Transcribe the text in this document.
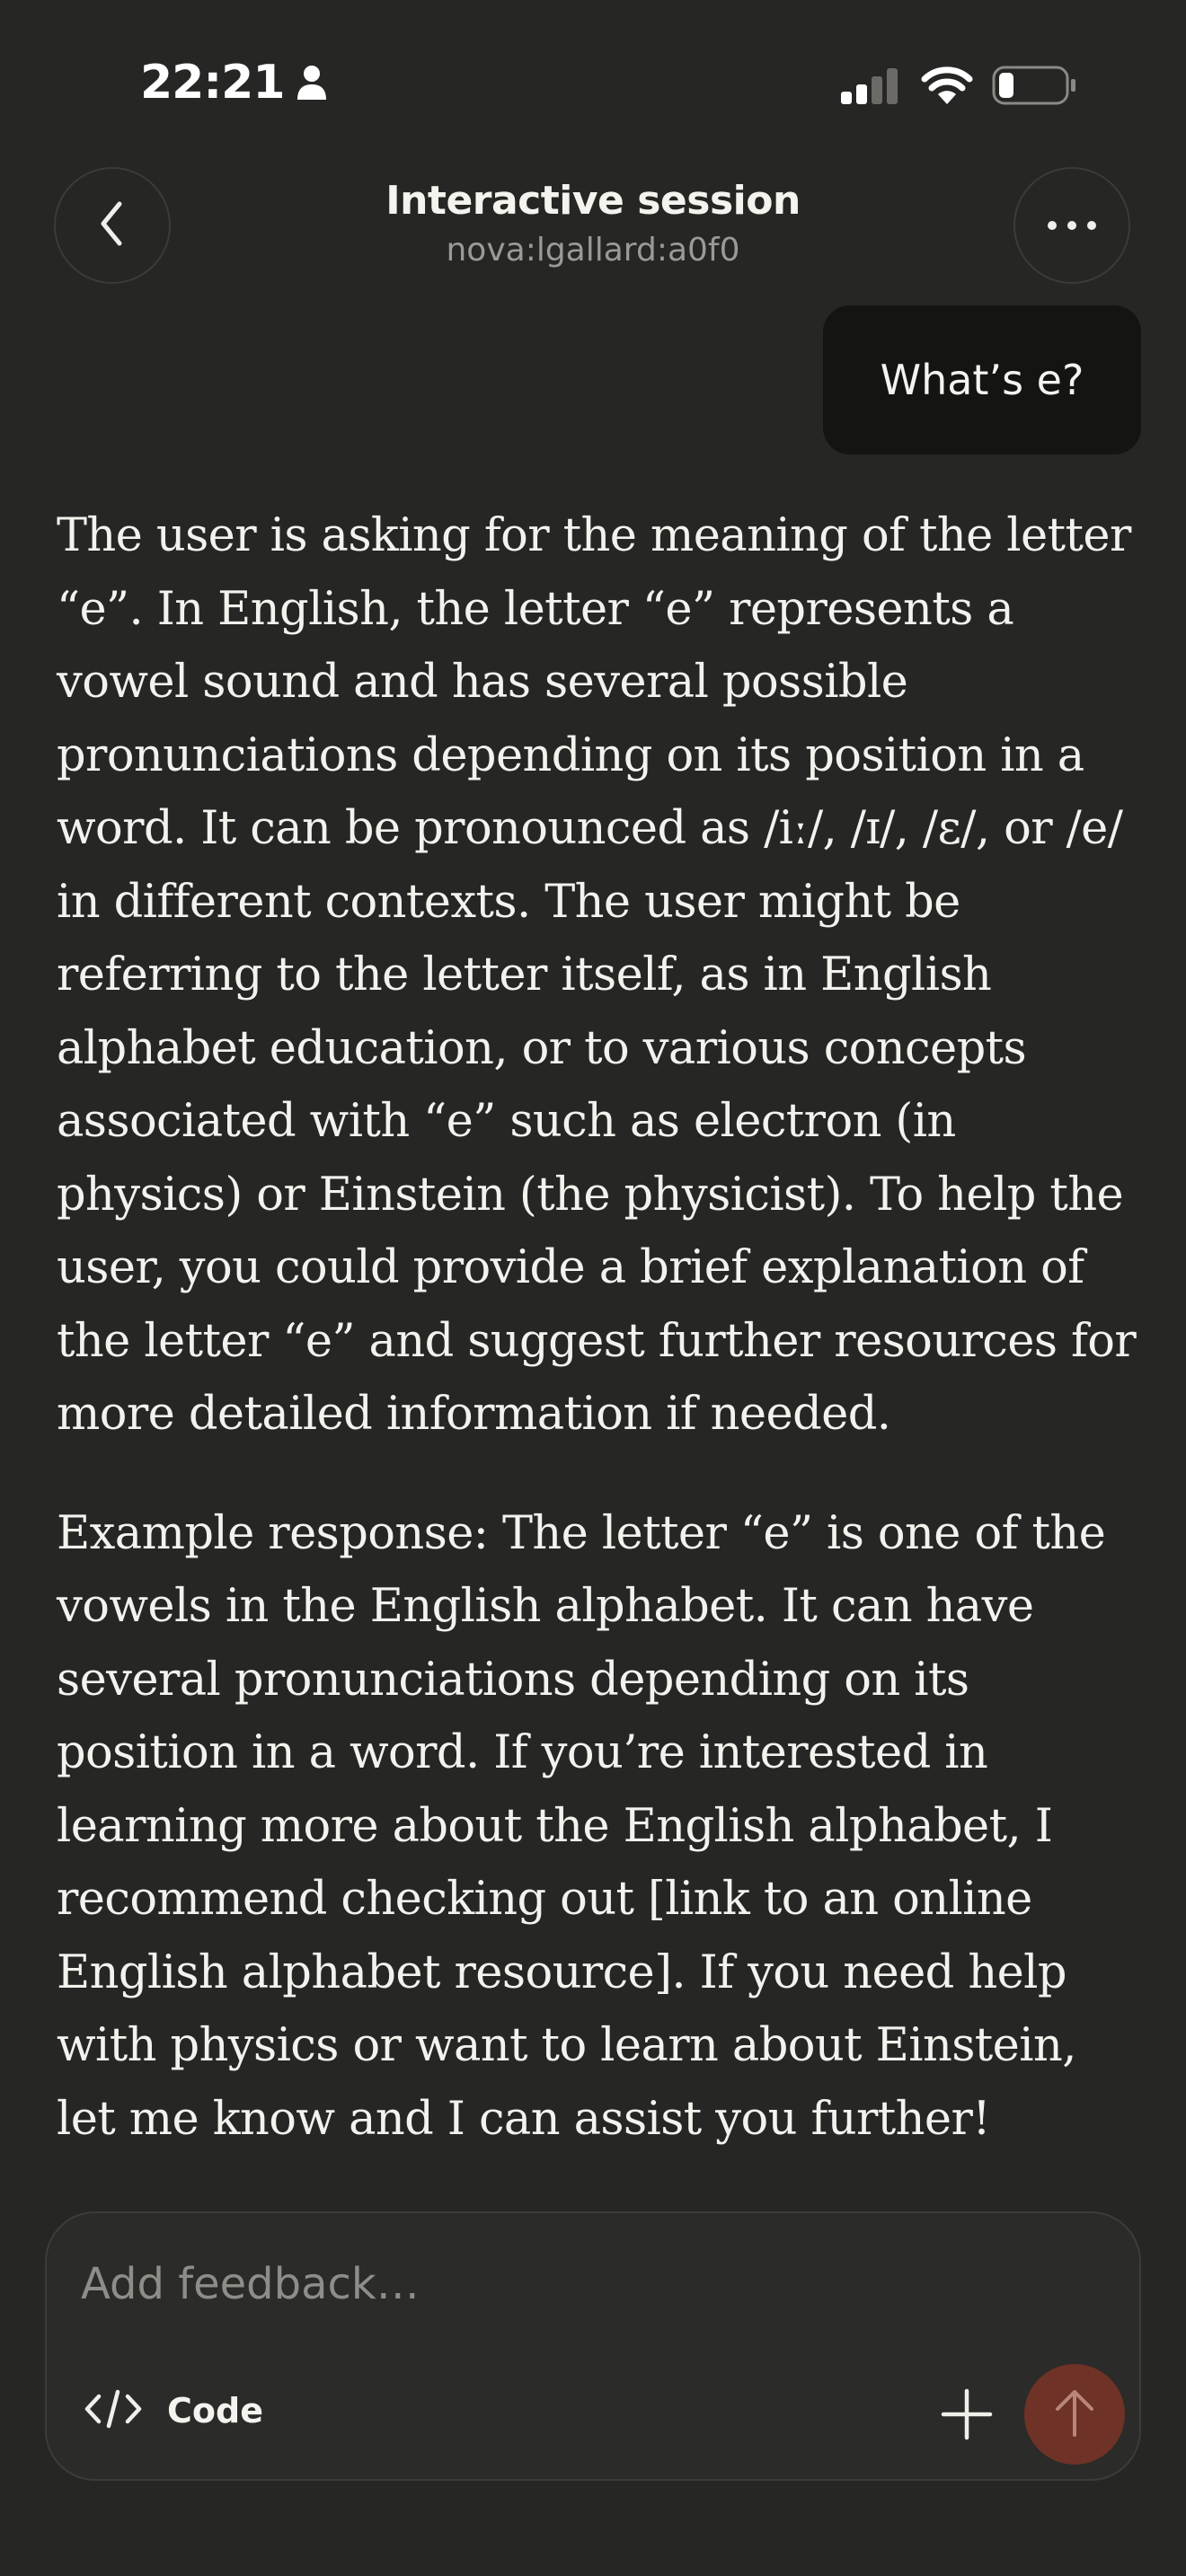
22:21
Interactive session
nova:lgallard:a0f0
What’s e?

The user is asking for the meaning of the letter “e”. In English, the letter “e” represents a vowel sound and has several possible pronunciations depending on its position in a word. It can be pronounced as /iː/, /ɪ/, /ɛ/, or /e/ in different contexts. The user might be referring to the letter itself, as in English alphabet education, or to various concepts associated with “e” such as electron (in physics) or Einstein (the physicist). To help the user, you could provide a brief explanation of the letter “e” and suggest further resources for more detailed information if needed.

Example response: The letter “e” is one of the vowels in the English alphabet. It can have several pronunciations depending on its position in a word. If you’re interested in learning more about the English alphabet, I recommend checking out [link to an online English alphabet resource]. If you need help with physics or want to learn about Einstein, let me know and I can assist you further!

Add feedback…
Code
